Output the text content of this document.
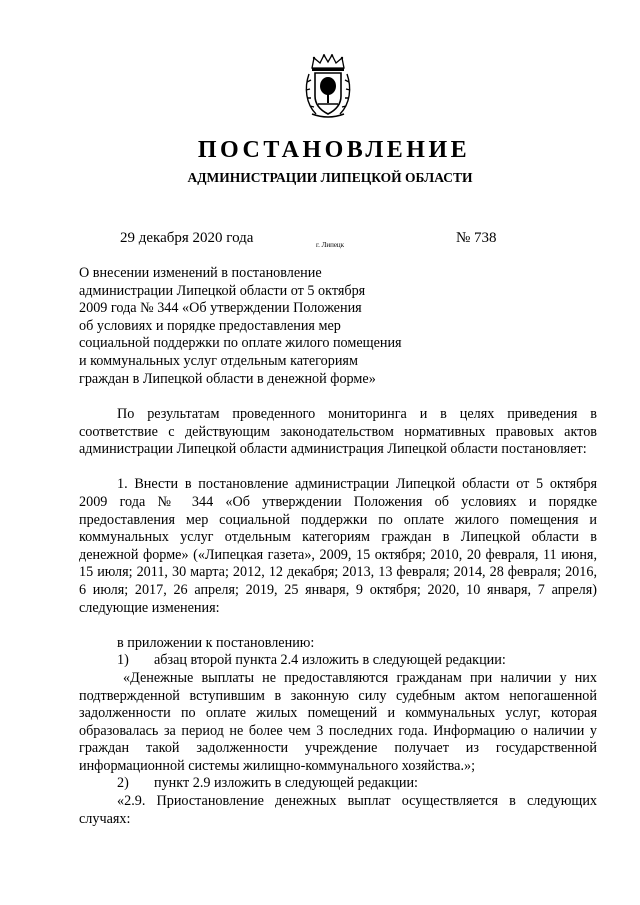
ПОСТАНОВЛЕНИЕ
АДМИНИСТРАЦИИ ЛИПЕЦКОЙ ОБЛАСТИ
29 декабря 2020 года	г. Липецк	№ 738
О внесении изменений в постановление
администрации Липецкой области от 5 октября
2009 года № 344 «Об утверждении Положения
об условиях и порядке предоставления мер
социальной поддержки по оплате жилого помещения
и коммунальных услуг отдельным категориям
граждан в Липецкой области в денежной форме»

По результатам проведенного мониторинга и в целях приведения в соответствие с действующим законодательством нормативных правовых актов администрации Липецкой области администрация Липецкой области постановляет:

1. Внести в постановление администрации Липецкой области от 5 октября 2009 года № 344 «Об утверждении Положения об условиях и порядке предоставления мер социальной поддержки по оплате жилого помещения и коммунальных услуг отдельным категориям граждан в Липецкой области в денежной форме» («Липецкая газета», 2009, 15 октября; 2010, 20 февраля, 11 июня, 15 июля; 2011, 30 марта; 2012, 12 декабря; 2013, 13 февраля; 2014, 28 февраля; 2016, 6 июля; 2017, 26 апреля; 2019, 25 января, 9 октября; 2020, 10 января, 7 апреля) следующие изменения:

в приложении к постановлению:

1) абзац второй пункта 2.4 изложить в следующей редакции:

«Денежные выплаты не предоставляются гражданам при наличии у них подтвержденной вступившим в законную силу судебным актом непогашенной задолженности по оплате жилых помещений и коммунальных услуг, которая образовалась за период не более чем 3 последних года. Информацию о наличии у граждан такой задолженности учреждение получает из государственной информационной системы жилищно-коммунального хозяйства.»;

2) пункт 2.9 изложить в следующей редакции:

«2.9. Приостановление денежных выплат осуществляется в следующих случаях:
